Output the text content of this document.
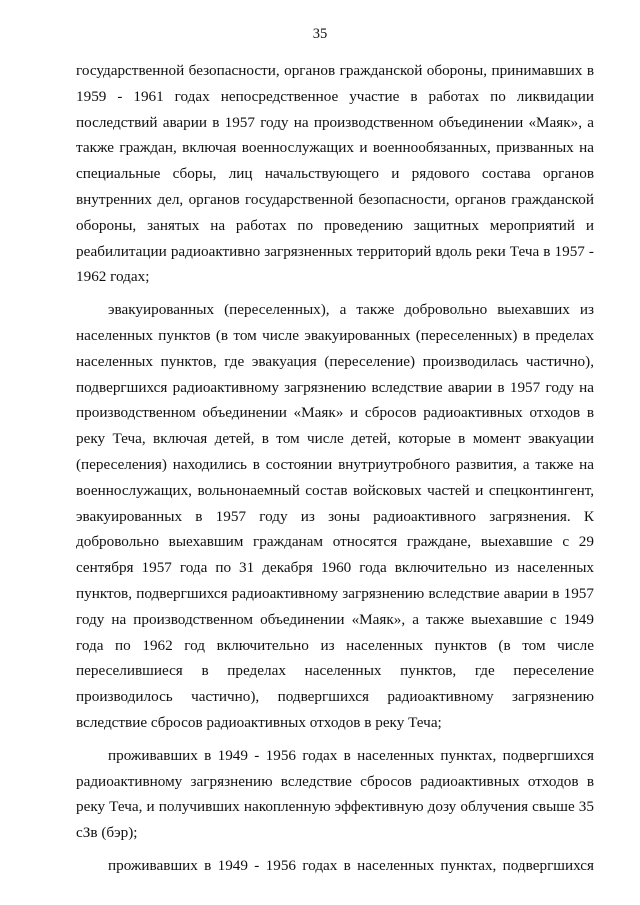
35
государственной безопасности, органов гражданской обороны, принимавших в
1959 - 1961 годах непосредственное участие в работах по ликвидации
последствий аварии в 1957 году на производственном объединении «Маяк», а
также граждан, включая военнослужащих и военнообязанных, призванных на
специальные сборы, лиц начальствующего и рядового состава органов
внутренних дел, органов государственной безопасности, органов гражданской
обороны, занятых на работах по проведению защитных мероприятий и
реабилитации радиоактивно загрязненных территорий вдоль реки Теча в 1957 -
1962 годах;
эвакуированных (переселенных), а также добровольно выехавших из
населенных пунктов (в том числе эвакуированных (переселенных) в пределах
населенных пунктов, где эвакуация (переселение) производилась частично),
подвергшихся радиоактивному загрязнению вследствие аварии в 1957 году на
производственном объединении «Маяк» и сбросов радиоактивных отходов в
реку Теча, включая детей, в том числе детей, которые в момент эвакуации
(переселения) находились в состоянии внутриутробного развития, а также на
военнослужащих, вольнонаемный состав войсковых частей и спецконтингент,
эвакуированных в 1957 году из зоны радиоактивного загрязнения. К
добровольно выехавшим гражданам относятся граждане, выехавшие с 29
сентября 1957 года по 31 декабря 1960 года включительно из населенных
пунктов, подвергшихся радиоактивному загрязнению вследствие аварии в 1957
году на производственном объединении «Маяк», а также выехавшие с 1949
года по 1962 год включительно из населенных пунктов (в том числе
переселившиеся в пределах населенных пунктов, где переселение
производилось частично), подвергшихся радиоактивному загрязнению
вследствие сбросов радиоактивных отходов в реку Теча;
проживавших в 1949 - 1956 годах в населенных пунктах, подвергшихся
радиоактивному загрязнению вследствие сбросов радиоактивных отходов в
реку Теча, и получивших накопленную эффективную дозу облучения свыше 35
сЗв (бэр);
проживавших в 1949 - 1956 годах в населенных пунктах, подвергшихся
